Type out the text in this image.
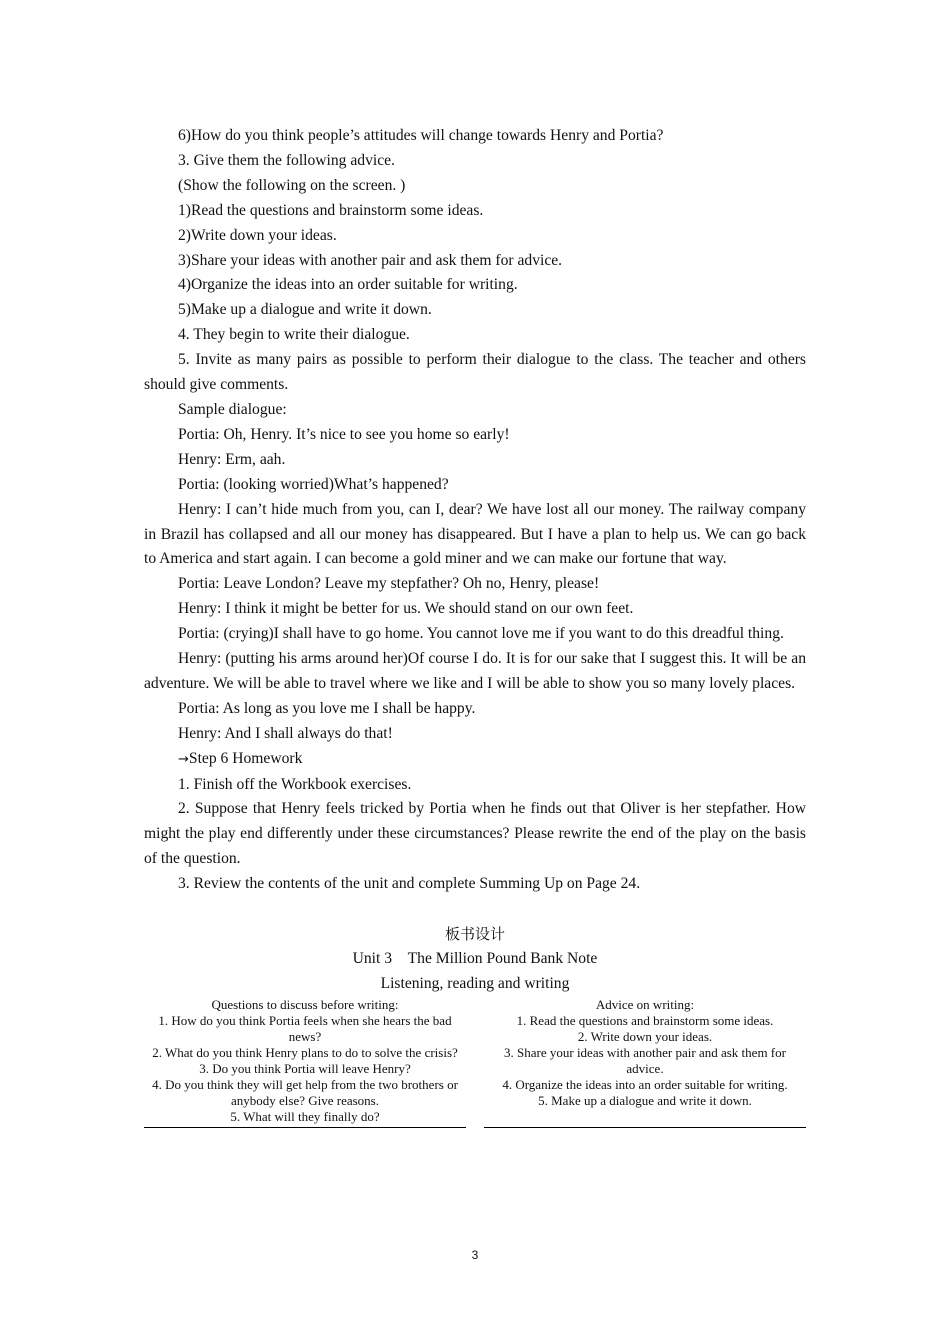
6)How do you think people’s attitudes will change towards Henry and Portia?

3. Give them the following advice.

(Show the following on the screen. )

1)Read the questions and brainstorm some ideas.

2)Write down your ideas.

3)Share your ideas with another pair and ask them for advice.

4)Organize the ideas into an order suitable for writing.

5)Make up a dialogue and write it down.

4. They begin to write their dialogue.

5. Invite as many pairs as possible to perform their dialogue to the class. The teacher and others should give comments.

Sample dialogue:

Portia: Oh, Henry. It’s nice to see you home so early!

Henry: Erm, aah.

Portia: (looking worried)What’s happened?

Henry: I can’t hide much from you, can I, dear? We have lost all our money. The railway company in Brazil has collapsed and all our money has disappeared. But I have a plan to help us. We can go back to America and start again. I can become a gold miner and we can make our fortune that way.

Portia: Leave London? Leave my stepfather? Oh no, Henry, please!

Henry: I think it might be better for us. We should stand on our own feet.

Portia: (crying)I shall have to go home. You cannot love me if you want to do this dreadful thing.

Henry: (putting his arms around her)Of course I do. It is for our sake that I suggest this. It will be an adventure. We will be able to travel where we like and I will be able to show you so many lovely places.

Portia: As long as you love me I shall be happy.

Henry: And I shall always do that!

→Step 6 Homework

1. Finish off the Workbook exercises.

2. Suppose that Henry feels tricked by Portia when he finds out that Oliver is her stepfather. How might the play end differently under these circumstances? Please rewrite the end of the play on the basis of the question.

3. Review the contents of the unit and complete Summing Up on Page 24.

板书设计

Unit 3　The Million Pound Bank Note

Listening, reading and writing

Questions to discuss before writing:
1. How do you think Portia feels when she hears the bad news?
2. What do you think Henry plans to do to solve the crisis?
3. Do you think Portia will leave Henry?
4. Do you think they will get help from the two brothers or anybody else? Give reasons.
5. What will they finally do?
Advice on writing:
1. Read the questions and brainstorm some ideas.
2. Write down your ideas.
3. Share your ideas with another pair and ask them for advice.
4. Organize the ideas into an order suitable for writing.
5. Make up a dialogue and write it down.
3
